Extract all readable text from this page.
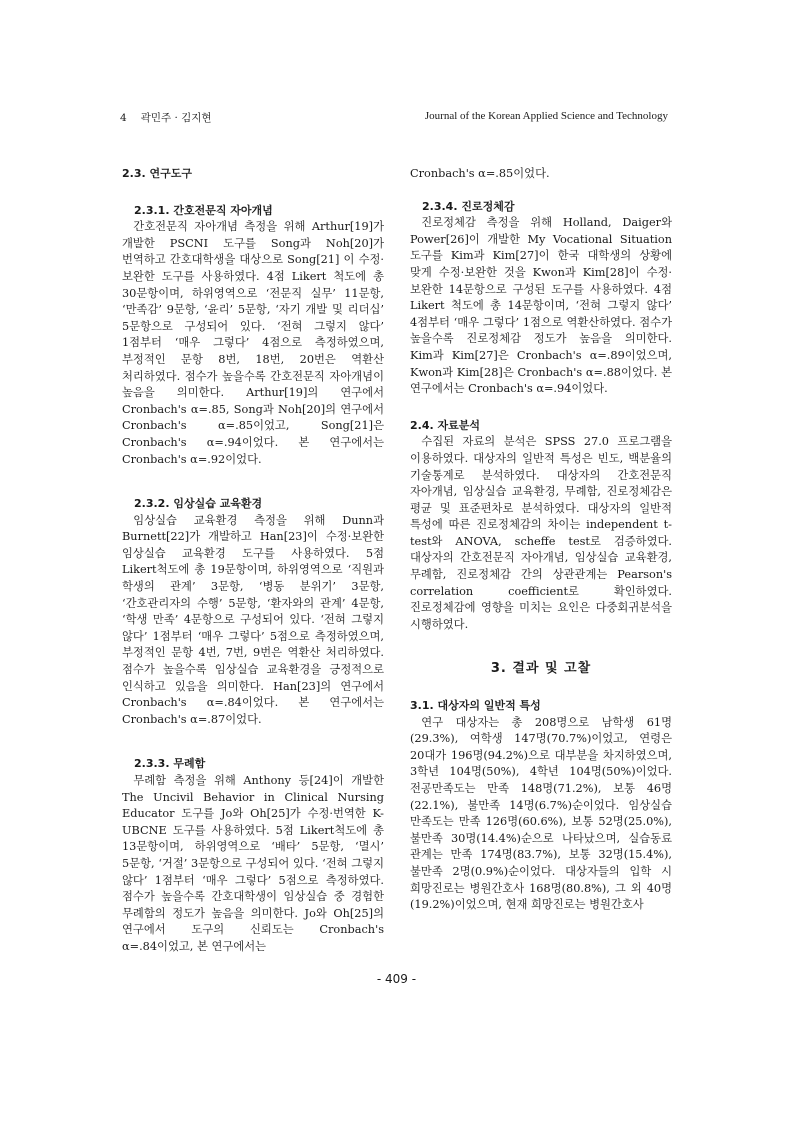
4 곽민주 · 김지현	Journal of the Korean Applied Science and Technology
2.3. 연구도구
2.3.1. 간호전문직 자아개념

간호전문직 자아개념 측정을 위해 Arthur[19]가 개발한 PSCNI 도구를 Song과 Noh[20]가 번역하고 간호대학생을 대상으로 Song[21] 이 수정·보완한 도구를 사용하였다. 4점 Likert 척도에 총 30문항이며, 하위영역으로 ‘전문직 실무’ 11문항, ‘만족감’ 9문항, ‘윤리’ 5문항, ‘자기 개발 및 리더십’ 5문항으로 구성되어 있다. ‘전혀 그렇지 않다’ 1점부터 ‘매우 그렇다’ 4점으로 측정하였으며, 부정적인 문항 8번, 18번, 20번은 역환산 처리하였다. 점수가 높을수록 간호전문직 자아개념이 높음을 의미한다. Arthur[19]의 연구에서 Cronbach's α=.85, Song과 Noh[20]의 연구에서 Cronbach's α=.85이었고, Song[21]은 Cronbach's α=.94이었다. 본 연구에서는 Cronbach's α=.92이었다.

2.3.2. 임상실습 교육환경

임상실습 교육환경 측정을 위해 Dunn과 Burnett[22]가 개발하고 Han[23]이 수정·보완한 임상실습 교육환경 도구를 사용하였다. 5점 Likert척도에 총 19문항이며, 하위영역으로 ‘직원과 학생의 관계’ 3문항, ‘병동 분위기’ 3문항, ‘간호관리자의 수행’ 5문항, ‘환자와의 관계’ 4문항, ‘학생 만족’ 4문항으로 구성되어 있다. ‘전혀 그렇지 않다’ 1점부터 ‘매우 그렇다’ 5점으로 측정하였으며, 부정적인 문항 4번, 7번, 9번은 역환산 처리하였다. 점수가 높을수록 임상실습 교육환경을 긍정적으로 인식하고 있음을 의미한다. Han[23]의 연구에서 Cronbach's α=.84이었다. 본 연구에서는 Cronbach's α=.87이었다.

2.3.3. 무례함

무례함 측정을 위해 Anthony 등[24]이 개발한 The Uncivil Behavior in Clinical Nursing Educator 도구를 Jo와 Oh[25]가 수정·번역한 K-UBCNE 도구를 사용하였다. 5점 Likert척도에 총 13문항이며, 하위영역으로 ‘배타’ 5문항, ‘멸시’ 5문항, ‘거절’ 3문항으로 구성되어 있다. ‘전혀 그렇지 않다’ 1점부터 ‘매우 그렇다’ 5점으로 측정하였다. 점수가 높을수록 간호대학생이 임상실습 중 경험한 무례함의 정도가 높음을 의미한다. Jo와 Oh[25]의 연구에서 도구의 신뢰도는 Cronbach's α=.84이었고, 본 연구에서는

Cronbach's α=.85이었다.

2.3.4. 진로정체감

진로정체감 측정을 위해 Holland, Daiger와 Power[26]이 개발한 My Vocational Situation 도구를 Kim과 Kim[27]이 한국 대학생의 상황에 맞게 수정·보완한 것을 Kwon과 Kim[28]이 수정·보완한 14문항으로 구성된 도구를 사용하였다. 4점 Likert 척도에 총 14문항이며, ‘전혀 그렇지 않다’ 4점부터 ‘매우 그렇다’ 1점으로 역환산하였다. 점수가 높을수록 진로정체감 정도가 높음을 의미한다. Kim과 Kim[27]은 Cronbach's α=.89이었으며, Kwon과 Kim[28]은 Cronbach's α=.88이었다. 본 연구에서는 Cronbach's α=.94이었다.

2.4. 자료분석

수집된 자료의 분석은 SPSS 27.0 프로그램을 이용하였다. 대상자의 일반적 특성은 빈도, 백분율의 기술통계로 분석하였다. 대상자의 간호전문직 자아개념, 임상실습 교육환경, 무례함, 진로정체감은 평균 및 표준편차로 분석하였다. 대상자의 일반적 특성에 따른 진로정체감의 차이는 independent t-test와 ANOVA, scheffe test로 검증하였다. 대상자의 간호전문직 자아개념, 임상실습 교육환경, 무례함, 진로정체감 간의 상관관계는 Pearson's correlation coefficient로 확인하였다. 진로정체감에 영향을 미치는 요인은 다중회귀분석을 시행하였다.

3. 결과 및 고찰
3.1. 대상자의 일반적 특성

연구 대상자는 총 208명으로 남학생 61명(29.3%), 여학생 147명(70.7%)이었고, 연령은 20대가 196명(94.2%)으로 대부분을 차지하였으며, 3학년 104명(50%), 4학년 104명(50%)이었다. 전공만족도는 만족 148명(71.2%), 보통 46명(22.1%), 불만족 14명(6.7%)순이었다. 임상실습 만족도는 만족 126명(60.6%), 보통 52명(25.0%), 불만족 30명(14.4%)순으로 나타났으며, 실습동료 관계는 만족 174명(83.7%), 보통 32명(15.4%), 불만족 2명(0.9%)순이었다. 대상자들의 입학 시 희망진로는 병원간호사 168명(80.8%), 그 외 40명(19.2%)이었으며, 현재 희망진로는 병원간호사

- 409 -
